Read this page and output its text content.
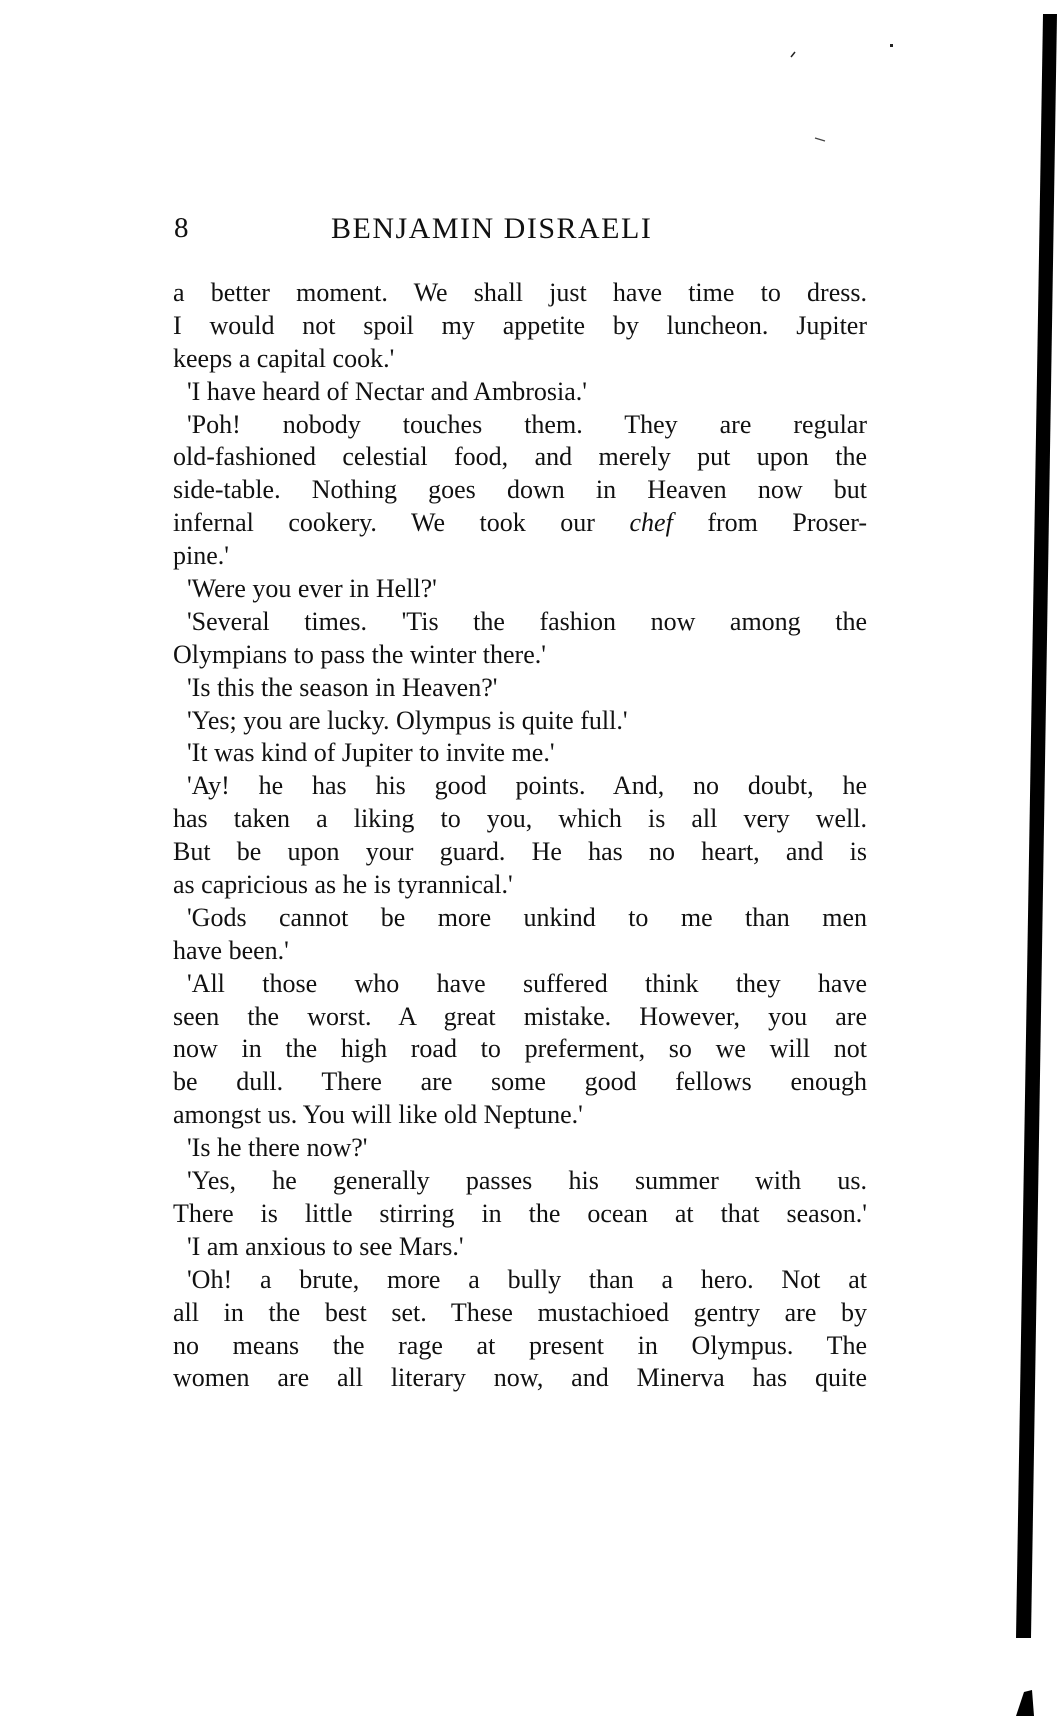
8	BENJAMIN DISRAELI
a better moment. We shall just have time to dress.
I would not spoil my appetite by luncheon. Jupiter
keeps a capital cook.'
'I have heard of Nectar and Ambrosia.'
'Poh! nobody touches them. They are regular
old-fashioned celestial food, and merely put upon the
side-table. Nothing goes down in Heaven now but
infernal cookery. We took our chef from Proser-
pine.'
'Were you ever in Hell?'
'Several times. 'Tis the fashion now among the
Olympians to pass the winter there.'
'Is this the season in Heaven?'
'Yes; you are lucky. Olympus is quite full.'
'It was kind of Jupiter to invite me.'
'Ay! he has his good points. And, no doubt, he
has taken a liking to you, which is all very well.
But be upon your guard. He has no heart, and is
as capricious as he is tyrannical.'
'Gods cannot be more unkind to me than men
have been.'
'All those who have suffered think they have
seen the worst. A great mistake. However, you are
now in the high road to preferment, so we will not
be dull. There are some good fellows enough
amongst us. You will like old Neptune.'
'Is he there now?'
'Yes, he generally passes his summer with us.
There is little stirring in the ocean at that season.'
'I am anxious to see Mars.'
'Oh! a brute, more a bully than a hero. Not at
all in the best set. These mustachioed gentry are by
no means the rage at present in Olympus. The
women are all literary now, and Minerva has quite
